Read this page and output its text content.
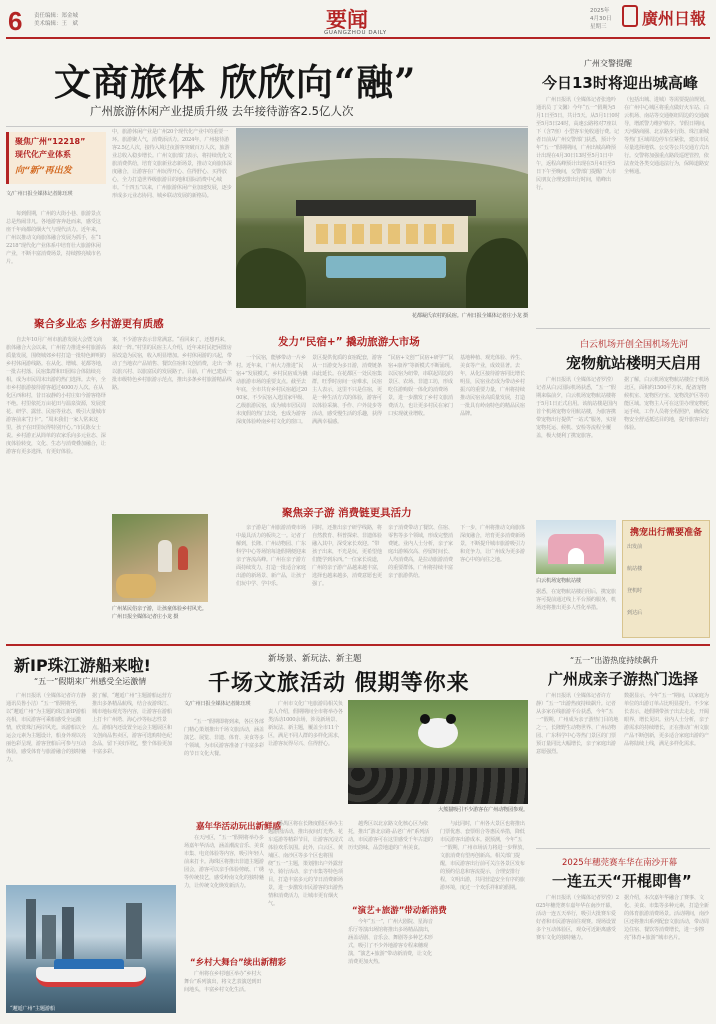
6 责任编辑：郑金城
美术编辑：王　斌	要闻
GUANGZHOU DAILY
2025年
4月30日
星期三 廣州日報
文商旅体 欣欣向“融”
广州旅游休闲产业提质升级 去年接待游客2.5亿人次
聚焦广州“12218”
现代化产业体系
向“新”再出发
文/广州日报全媒体记者陈珏瑛
　　每到假期，广州的大街小巷、旅游景点总是热闹非凡。各地游客奔赴而来，感受这座千年商都的烟火气与现代活力。近年来，广州以推动文商旅体融合发展为抓手，在“12218”现代化产业体系中培育壮大旅游休闲产业，不断丰富消费场景，持续擦亮城市名片。
中，旅游休闲产业是广州20个现代化产业中的重要一环。旅游聚人气，消费添活力。2024年，广州接待游客2.5亿人次，接待入境过夜游客突破百万人次，旅游业总收入稳步增长。广州文旅部门表示，将持续优化文旅消费供给，培育文旅新业态新场景，推动文商旅体深度融合，让游客在广州玩得开心、住得舒心、买得放心，全力打造世界级旅游目的地和国际消费中心城市。“十四五”以来，广州旅游休闲产业加速发展，逐步形成多元业态协同、城乡联动发展的新格局。
聚合多业态 乡村游更有质感
　　自去年10月广州市旅游发展大会暨文商旅体融合大会以来，广州着力推进乡村旅游高质量发展，围绕城郊乡村打造一批特色鲜明的乡村休闲游线路。在从化、增城、花都等地，一批古村落、民宿集群和田园综合体陆续亮相，成为市民周末出游的热门选择。去年，全市乡村旅游接待游客超过4000万人次。在从化区西和村，昔日寂静的小村庄如今游客络绎不绝。村里依托万亩花田与温泉资源，发展赏花、研学、露营、民宿等业态，吸引大量城市游客前来“打卡”。“周末我们一家人常来这里，孩子在田里玩得特别开心。”市民陈女士说。乡村游正从简单的农家乐向多元业态、深度体验转变，文化、生态与消费叠加融合，让游客有更多选择，有更好体验。
案，不少游客表示非常满意。“看回来了，还想再来，来好一阵。”村里的民宿主人介绍，近年来村民把闲置房屋改造为民宿，收入明显增加。乡村休闲游的兴起，带动了当地农产品销售、餐饮住宿和文创消费，走出一条以旅兴村、以旅富民的发展路子。目前，广州已建成一批市级特色乡村旅游示范点，推出多条乡村旅游精品线路。
广州某民俗亲子游，让孩童体验乡村风光。广州日报全媒体记者庄小龙 摄
花都凝氏农村的民宿。广州日报全媒体记者庄小龙 摄
发力“民宿+” 撬动旅游大市场
　　一个民宿，能够带动一片乡村。近年来，广州大力推进“民宿+”发展模式，乡村民宿成为撬动旅游市场的重要支点。截至去年底，全市共有乡村民宿超过2000家，不少民宿入选国家甲级、乙级旅游民宿，成为城市居民周末度假的热门去处，也成为游客深度体验岭南乡村文化的窗口。
景区提供优质的食宿配套，游客从一日游变为多日游，消费链条由此延长。在花都区一处民宿集群，旺季时房间一房难求，民宿主人表示，这里不只是住宿，更是一种生活方式的体验，游客可以体验采摘、手作、户外徒步等活动，感受慢生活的乐趣，获得满满幸福感。
“民宿+文创”“民宿+研学”“民宿+康养”等新模式不断涌现。以民宿为纽带，串联起周边的景区、农场、非遗工坊，形成吃住游购娱一体化的消费场景，进一步激发了乡村文旅消费活力，也让更多村民在家门口实现就业增收。
基地种植、观光体验、养生、美食等产业，成效显著。去年，从化区接待游客同比增长明显，民宿业态成为带动乡村振兴的重要力量，广州将持续推动民宿业高质量发展，打造一批具有岭南特色的精品民宿品牌。
聚焦亲子游 消费链更具活力
　　亲子游是广州旅游消费市场中最具活力的板块之一。记者了解到，长隆、广州动物园、广东科学中心等场馆每逢假期便迎来亲子客流高峰。广州在亲子游方面持续发力，打造一批适合家庭出游的新场景、新产品，让孩子们玩中学、学中乐。
同时，还推出亲子研学线路，将自然教育、科普探索、非遗体验融入其中，深受家长欢迎。“带孩子出来，不光是玩，更希望他们能学到东西。”一位家长说道，广州的亲子游产品越来越丰富，选择也越来越多，消费意愿也更强了。
亲子消费带动了餐饮、住宿、零售等多个领域，形成完整消费链。业内人士分析，亲子家庭出游频次高、停留时间长、人均消费高，是拉动旅游消费的重要群体，广州将持续丰富亲子旅游供给。
下一步，广州将推动文商旅体深度融合，培育更多消费新场景，不断提升城市旅游吸引力和竞争力，让广州成为更多游客心中的向往之地。
广州交警提醒
今日13时将迎出城高峰
　　广州日报讯（全媒体记者张逸吟 通讯员 丁文馨）今年“五一”假期为5月1日至5日，共计5天。从5月1日0时至5月5日24时，高速公路将对7座以下（含7座）小型客车免收通行费。记者日前从广州交警部门获悉，预计今年“五一”假期期间，广州出城高峰预计出现在4月30日13时至5月1日中午，返程高峰预计出现在5月4日至5日下午至晚间，交警部门提醒广大市民朋友合理安排出行时间，错峰出行。
（包括出城、进城）等需要提前规划。在广州中心城区将重点做好火车站、白云机场、南站等交通枢纽周边的交通疏导，增派警力维护秩序。节假日期间，天河路商圈、北京路步行街、珠江新城等热门区域周边停车位紧张，建议市民尽量选择地铁、公交等公共交通方式出行。交警将加强重点路段巡逻管控，依法查处各类交通违法行为，保障道路安全畅通。
白云机场开创全国机场先河
宠物航站楼明天启用
　　广州日报讯（全媒体记者罗滢）记者从白云国际机场获悉，“五一”假期来临前夕，白云机场宠物航站楼将于5月1日正式启用。该航站楼是国内首个机场宠物专用航站楼，为旅客携带宠物出行提供“一站式”服务，实现宠物托运、候机、安检等流程全覆盖，极大便利了携宠旅客。
据了解，白云机场宠物航站楼位于机场北区，面积约1500平方米，配备宠物候机室、宠物医疗室、宠物洗护区等功能区域。宠物主人可在这里办理宠物托运手续，工作人员将全程照护，确保宠物安全舒适抵达目的地，提升旅客出行体验。
白云机场宠物航站楼
据悉，在宠物航站楼启用后，携宠旅客可提前通过线上平台预约服务，机场还将推出更多人性化举措。
携宠出行需要准备
出发前
航站楼
登机时
到达后
新IP珠江游船来啦!
“五一”假期来广州感受全运激情
　　广州日报讯（全媒体记者许方静 通讯员鲁小洁）“五一”假期将至，以“邂逅广州”为主题的珠江新IP游船亮相，市民游客可乘船感受全运激情，欣赏珠江两岸风光。该游船以全运会元素为主题设计，船身外观以亮丽色彩呈现，游客登船后可参与互动体验，感受体育与旅游融合的独特魅力。
据了解，“邂逅广州”主题游船运营方推出多条精品航线，结合夜游珠江、城市地标观光等内容，让游客在游船上打卡广州塔、海心沙等标志性景点。游船内还设置全运会主题展区和文创商品售卖区，游客可选购特色纪念品，留下美好回忆，整个体验更加丰富多彩。
“邂逅广州”主题游船
新场景、新玩法、新主题
千场文旅活动 假期等你来
文/广州日报全媒体记者陈珏瑛
　　“五一”假期即将到来，各区各部门精心策划推出千场文旅活动，涵盖演艺、展览、非遗、体育、美食等多个领域，为市民游客准备了丰富多彩的节日文化大餐。
　　广州市文化广电旅游局相关负责人介绍，假期期间全市将举办各类活动1000余场，涉及新场景、新玩法、新主题，覆盖全市11个区，满足不同人群的多样化需求，让游客玩得尽兴、住得舒心。
大熊猫吸引不少游客在广州动物园参观。
嘉年华活动玩出新鲜感
　　在天河区，“五一”假期将举办多场嘉年华活动，涵盖潮流音乐、美食市集、电竞体验等内容，吸引年轻人前来打卡。海珠区将推出非遗主题游园会，游客可以亲手体验剪纸、广绣等传统技艺，感受岭南文化的独特魅力，让传统文化焕发新活力。
“乡村大舞台”续出新精彩
　　广州将在乡村地区举办“乡村大舞台”系列演出，将文艺表演送到田间地头，丰富乡村文化生活。
　　番禺区将在长隆度假区举办主题游园活动，推出夜间灯光秀、花车巡游等精彩节目，让游客沉浸式体验欢乐氛围。此外，白云区、黄埔区、南沙区等多个区也将围绕“五一”主题，策划推出户外露营节、骑行活动、亲子市集等特色项目，打造丰富多元的节日消费新场景，进一步激发市民游客的出游热情和消费活力，让城市更有烟火气。
　　越秀区以北京路文化核心区为依托，推出“游北京路·品老广州”系列活动，市民游客可在这里感受千年古道的历史韵味，品尝地道的广州美食。
“演艺+旅游”带动新消费
　　今年“五一”，广州大剧院、星海音乐厅等演出场馆将推出多场精品演出，涵盖话剧、音乐会、舞剧等多种艺术形式，吸引了不少外地游客专程来穗观演，“演艺+旅游”带动新消费，让文化消费更加火热。
　　与此同时，广州各大景区也将推出门票优惠、套票组合等惠民举措，降低市民游客出游成本。据预测，今年“五一”假期，广州市场活力将进一步释放，文旅消费有望再创新高。相关部门提醒，市民游客出行前可关注各景区发布的预约信息和客流提示，合理安排行程，文明出游，共同营造安全有序的旅游环境，度过一个欢乐祥和的假期。
“五一”出游热度持续飙升
广州成亲子游热门选择
　　广州日报讯（全媒体记者许方静）“五一”出游热度持续飙升。记者从多家在线旅游平台获悉，今年“五一”假期，广州成为亲子游热门目的地之一，长隆野生动物世界、广州动物园、广东科学中心等热门景区的门票预订量同比大幅增长，亲子家庭出游意愿强烈。
数据显示，今年“五一”期间，以家庭为单位的出游订单占比明显提升。不少家长表示，趁假期带孩子出去走走，开阔眼界，增长见识。业内人士分析，亲子游需求的持续增长，正在推动广州文旅产品不断创新，更多适合家庭出游的产品将陆续上线，满足多样化需求。
2025年穗莞赛车华在南沙开幕
一连五天“开棍即售”
　　广州日报讯（全媒体记者罗滢）2025年穗莞赛车嘉年华在南沙开幕，活动一连五天举行，吸引大批赛车爱好者和市民游客前往观赛。现场设置多个互动体验区，观众可近距离感受赛车文化的独特魅力。
据介绍，本次嘉年华融合了赛事、文化、美食、市集等多种元素，打造全新的体育旅游消费场景。活动期间，南沙区还将推出系列配套文旅活动，带动周边住宿、餐饮等消费增长，进一步擦亮“体育+旅游”城市名片。
